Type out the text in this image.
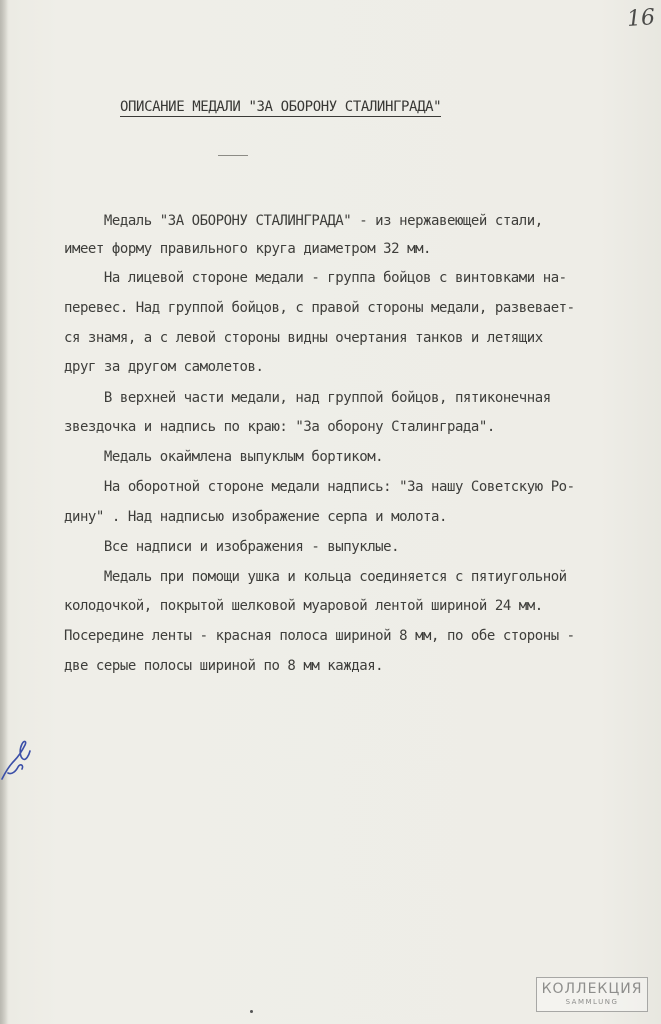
16
ОПИСАНИЕ МЕДАЛИ "ЗА ОБОРОНУ СТАЛИНГРАДА"
Медаль "ЗА ОБОРОНУ СТАЛИНГРАДА" - из нержавеющей стали,
имеет форму правильного круга диаметром 32 мм.
На лицевой стороне медали - группа бойцов с винтовками на-
перевес. Над группой бойцов, с правой стороны медали, развевает-
ся знамя, а с левой стороны видны очертания танков и летящих
друг за другом самолетов.
В верхней части медали, над группой бойцов, пятиконечная
звездочка и надпись по краю: "За оборону Сталинграда".
Медаль окаймлена выпуклым бортиком.
На оборотной стороне медали надпись: "За нашу Советскую Ро-
дину" . Над надписью изображение серпа и молота.
Все надписи и изображения - выпуклые.
Медаль при помощи ушка и кольца соединяется с пятиугольной
колодочкой, покрытой шелковой муаровой лентой шириной 24 мм.
Посередине ленты - красная полоса шириной 8 мм, по обе стороны -
две серые полосы шириной по 8 мм каждая.
КОЛЛЕКЦИЯ
SAMMLUNG
